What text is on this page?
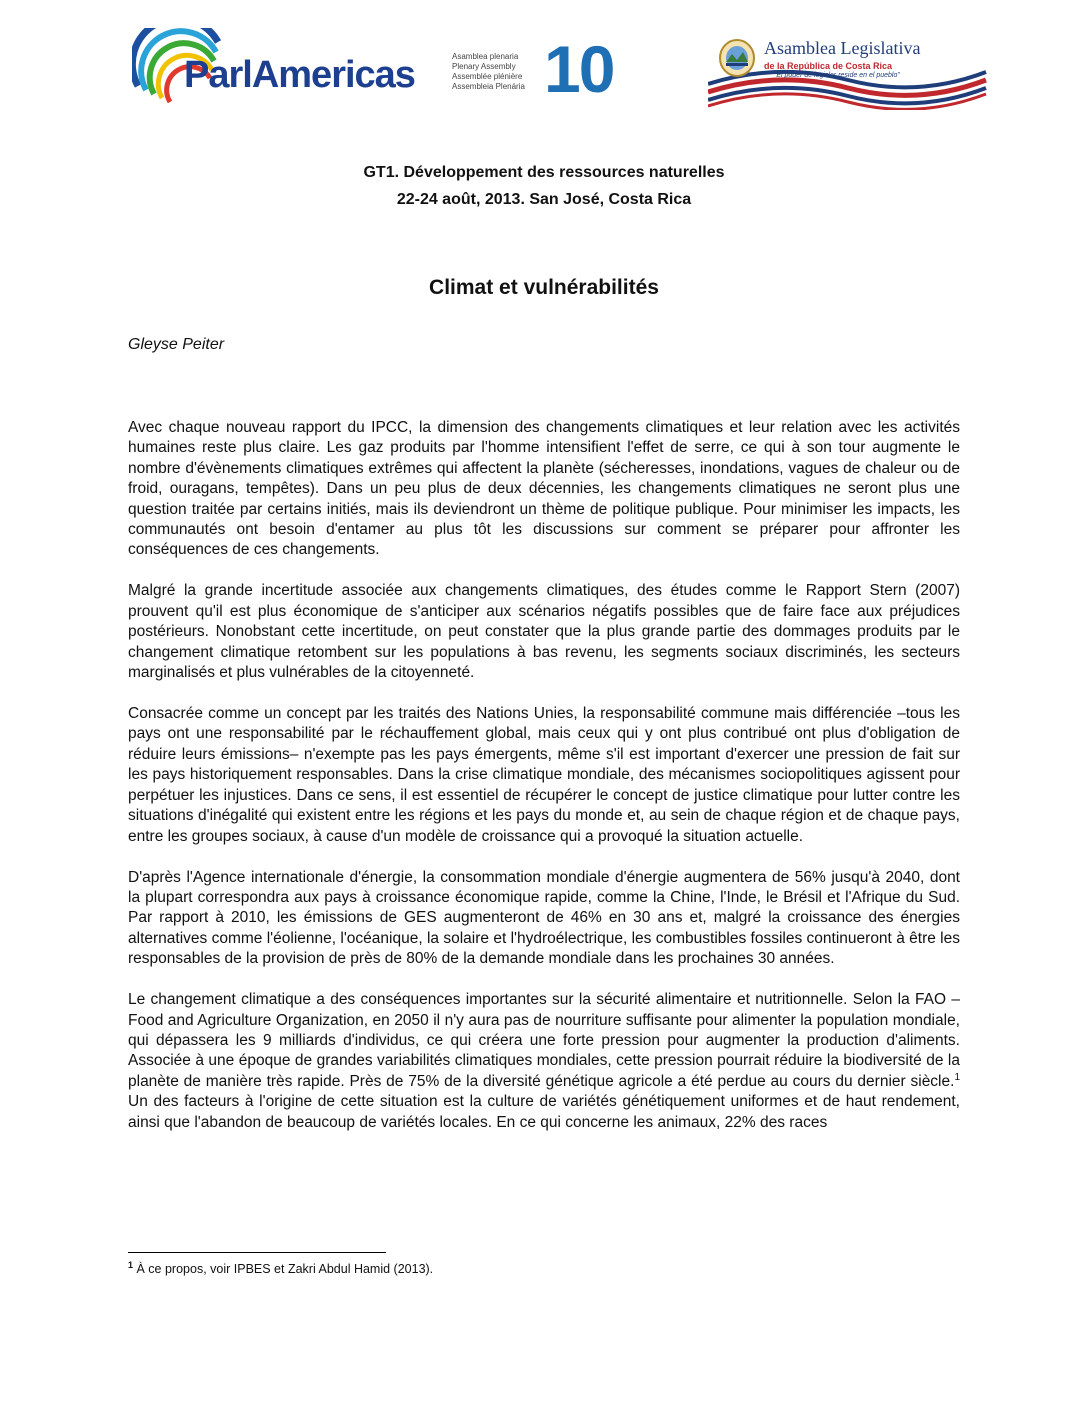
ParlAmericas	Asamblea plenaria
Plenary Assembly
Assemblée plénière
Assembleia Plenária 10	Asamblea Legislativa
de la República de Costa Rica
“El poder de legislar reside en el pueblo”
GT1. Développement des ressources naturelles
22-24 août, 2013. San José, Costa Rica
Climat et vulnérabilités
Gleyse Peiter

Avec chaque nouveau rapport du IPCC, la dimension des changements climatiques et leur relation avec les activités humaines reste plus claire. Les gaz produits par l'homme intensifient l'effet de serre, ce qui à son tour augmente le nombre d'évènements climatiques extrêmes qui affectent la planète (sécheresses, inondations, vagues de chaleur ou de froid, ouragans, tempêtes). Dans un peu plus de deux décennies, les changements climatiques ne seront plus une question traitée par certains initiés, mais ils deviendront un thème de politique publique. Pour minimiser les impacts, les communautés ont besoin d'entamer au plus tôt les discussions sur comment se préparer pour affronter les conséquences de ces changements.

Malgré la grande incertitude associée aux changements climatiques, des études comme le Rapport Stern (2007) prouvent qu'il est plus économique de s'anticiper aux scénarios négatifs possibles que de faire face aux préjudices postérieurs. Nonobstant cette incertitude, on peut constater que la plus grande partie des dommages produits par le changement climatique retombent sur les populations à bas revenu, les segments sociaux discriminés, les secteurs marginalisés et plus vulnérables de la citoyenneté.

Consacrée comme un concept par les traités des Nations Unies, la responsabilité commune mais différenciée –tous les pays ont une responsabilité par le réchauffement global, mais ceux qui y ont plus contribué ont plus d'obligation de réduire leurs émissions– n'exempte pas les pays émergents, même s'il est important d'exercer une pression de fait sur les pays historiquement responsables. Dans la crise climatique mondiale, des mécanismes sociopolitiques agissent pour perpétuer les injustices. Dans ce sens, il est essentiel de récupérer le concept de justice climatique pour lutter contre les situations d'inégalité qui existent entre les régions et les pays du monde et, au sein de chaque région et de chaque pays, entre les groupes sociaux, à cause d'un modèle de croissance qui a provoqué la situation actuelle.

D'après l'Agence internationale d'énergie, la consommation mondiale d'énergie augmentera de 56% jusqu'à 2040, dont la plupart correspondra aux pays à croissance économique rapide, comme la Chine, l'Inde, le Brésil et l'Afrique du Sud. Par rapport à 2010, les émissions de GES augmenteront de 46% en 30 ans et, malgré la croissance des énergies alternatives comme l'éolienne, l'océanique, la solaire et l'hydroélectrique, les combustibles fossiles continueront à être les responsables de la provision de près de 80% de la demande mondiale dans les prochaines 30 années.

Le changement climatique a des conséquences importantes sur la sécurité alimentaire et nutritionnelle. Selon la FAO – Food and Agriculture Organization, en 2050 il n'y aura pas de nourriture suffisante pour alimenter la population mondiale, qui dépassera les 9 milliards d'individus, ce qui créera une forte pression pour augmenter la production d'aliments. Associée à une époque de grandes variabilités climatiques mondiales, cette pression pourrait réduire la biodiversité de la planète de manière très rapide. Près de 75% de la diversité génétique agricole a été perdue au cours du dernier siècle.$^1$ Un des facteurs à l'origine de cette situation est la culture de variétés génétiquement uniformes et de haut rendement, ainsi que l'abandon de beaucoup de variétés locales. En ce qui concerne les animaux, 22% des races

$^1$ À ce propos, voir IPBES et Zakri Abdul Hamid (2013).
